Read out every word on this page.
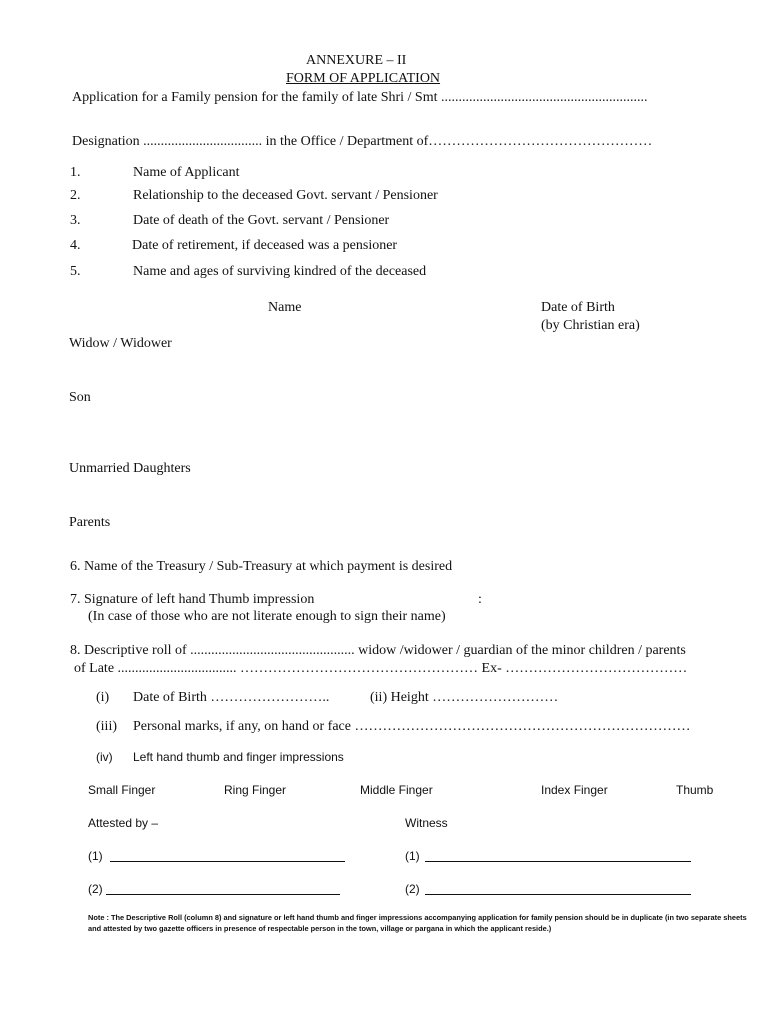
ANNEXURE – II
FORM OF APPLICATION
Application for a Family pension for the family of late Shri / Smt ...........................................................
Designation .................................. in the Office / Department of…………………………………………
1.	Name of Applicant
2.	Relationship to the deceased Govt. servant / Pensioner
3.	Date of death of the Govt. servant / Pensioner
4.	Date of retirement, if deceased was a pensioner
5.	Name and ages of surviving kindred of the deceased
Name	Date of Birth
(by Christian era)
Widow / Widower
Son
Unmarried Daughters
Parents
6. Name of the Treasury / Sub-Treasury at which payment is desired
7. Signature of left hand Thumb impression	:
(In case of those who are not literate enough to sign their name)
8. Descriptive roll of ............................................... widow /widower / guardian of the minor children / parents
of Late .................................. …………………………………………… Ex- …………………………………
(i) Date of Birth ……………………..	(ii) Height ………………………
(iii) Personal marks, if any, on hand or face ………………………………………………………………
(iv) Left hand thumb and finger impressions
Small Finger	Ring Finger	Middle Finger	Index Finger	Thumb
Attested by –	Witness
(1)	(1)
(2)	(2)
Note : The Descriptive Roll (column 8) and signature or left hand thumb and finger impressions accompanying application for family pension should be in duplicate (in two separate sheets and attested by two gazette officers in presence of respectable person in the town, village or pargana in which the applicant reside.)
